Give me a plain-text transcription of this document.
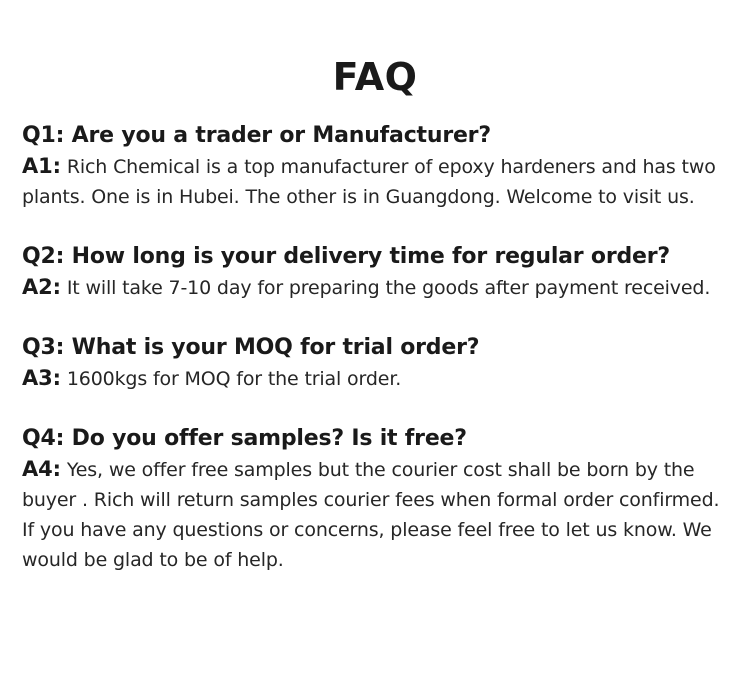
FAQ
Q1: Are you a trader or Manufacturer?
A1: Rich Chemical is a top manufacturer of epoxy hardeners and has two plants. One is in Hubei. The other is in Guangdong. Welcome to visit us.
Q2: How long is your delivery time for regular order?
A2: It will take 7-10 day for preparing the goods after payment received.
Q3: What is your MOQ for trial order?
A3: 1600kgs for MOQ for the trial order.
Q4: Do you offer samples? Is it free?
A4: Yes, we offer free samples but the courier cost shall be born by the buyer . Rich will return samples courier fees when formal order confirmed.
If you have any questions or concerns, please feel free to let us know. We would be glad to be of help.
